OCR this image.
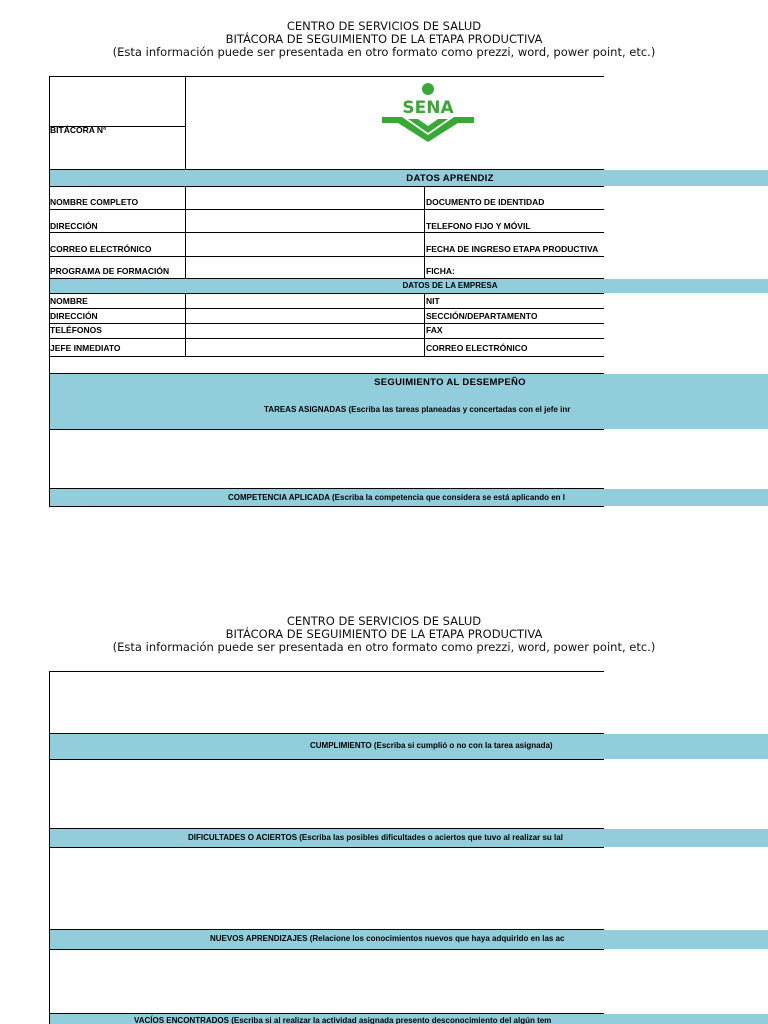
CENTRO DE SERVICIOS DE SALUD
BITÁCORA DE SEGUIMIENTO DE LA ETAPA PRODUCTIVA
(Esta información puede ser presentada en otro formato como prezzi, word, power point, etc.)
BITÁCORA N°
SENA
DATOS APRENDIZ
NOMBRE COMPLETO
DIRECCIÓN
CORREO ELECTRÓNICO
PROGRAMA DE FORMACIÓN
DOCUMENTO DE IDENTIDAD
TELEFONO FIJO Y MÓVIL
FECHA DE INGRESO ETAPA PRODUCTIVA
FICHA:
DATOS DE LA EMPRESA
NOMBRE
DIRECCIÓN
TELÉFONOS
JEFE INMEDIATO
NIT
SECCIÓN/DEPARTAMENTO
FAX
CORREO ELECTRÓNICO
SEGUIMIENTO AL DESEMPEÑO
TAREAS ASIGNADAS (Escriba las tareas planeadas y concertadas con el jefe inr
COMPETENCIA APLICADA (Escriba la competencia que considera se está aplicando en l
CENTRO DE SERVICIOS DE SALUD
BITÁCORA DE SEGUIMIENTO DE LA ETAPA PRODUCTIVA
(Esta información puede ser presentada en otro formato como prezzi, word, power point, etc.)
CUMPLIMIENTO (Escriba si cumplió o no con la tarea asignada)
DIFICULTADES O ACIERTOS (Escriba las posibles dificultades o aciertos que tuvo al realizar su lal
NUEVOS APRENDIZAJES (Relacione los conocimientos nuevos que haya adquirido en las ac
VACÍOS ENCONTRADOS (Escriba si al realizar la actividad asignada presento desconocimiento del algún tem
